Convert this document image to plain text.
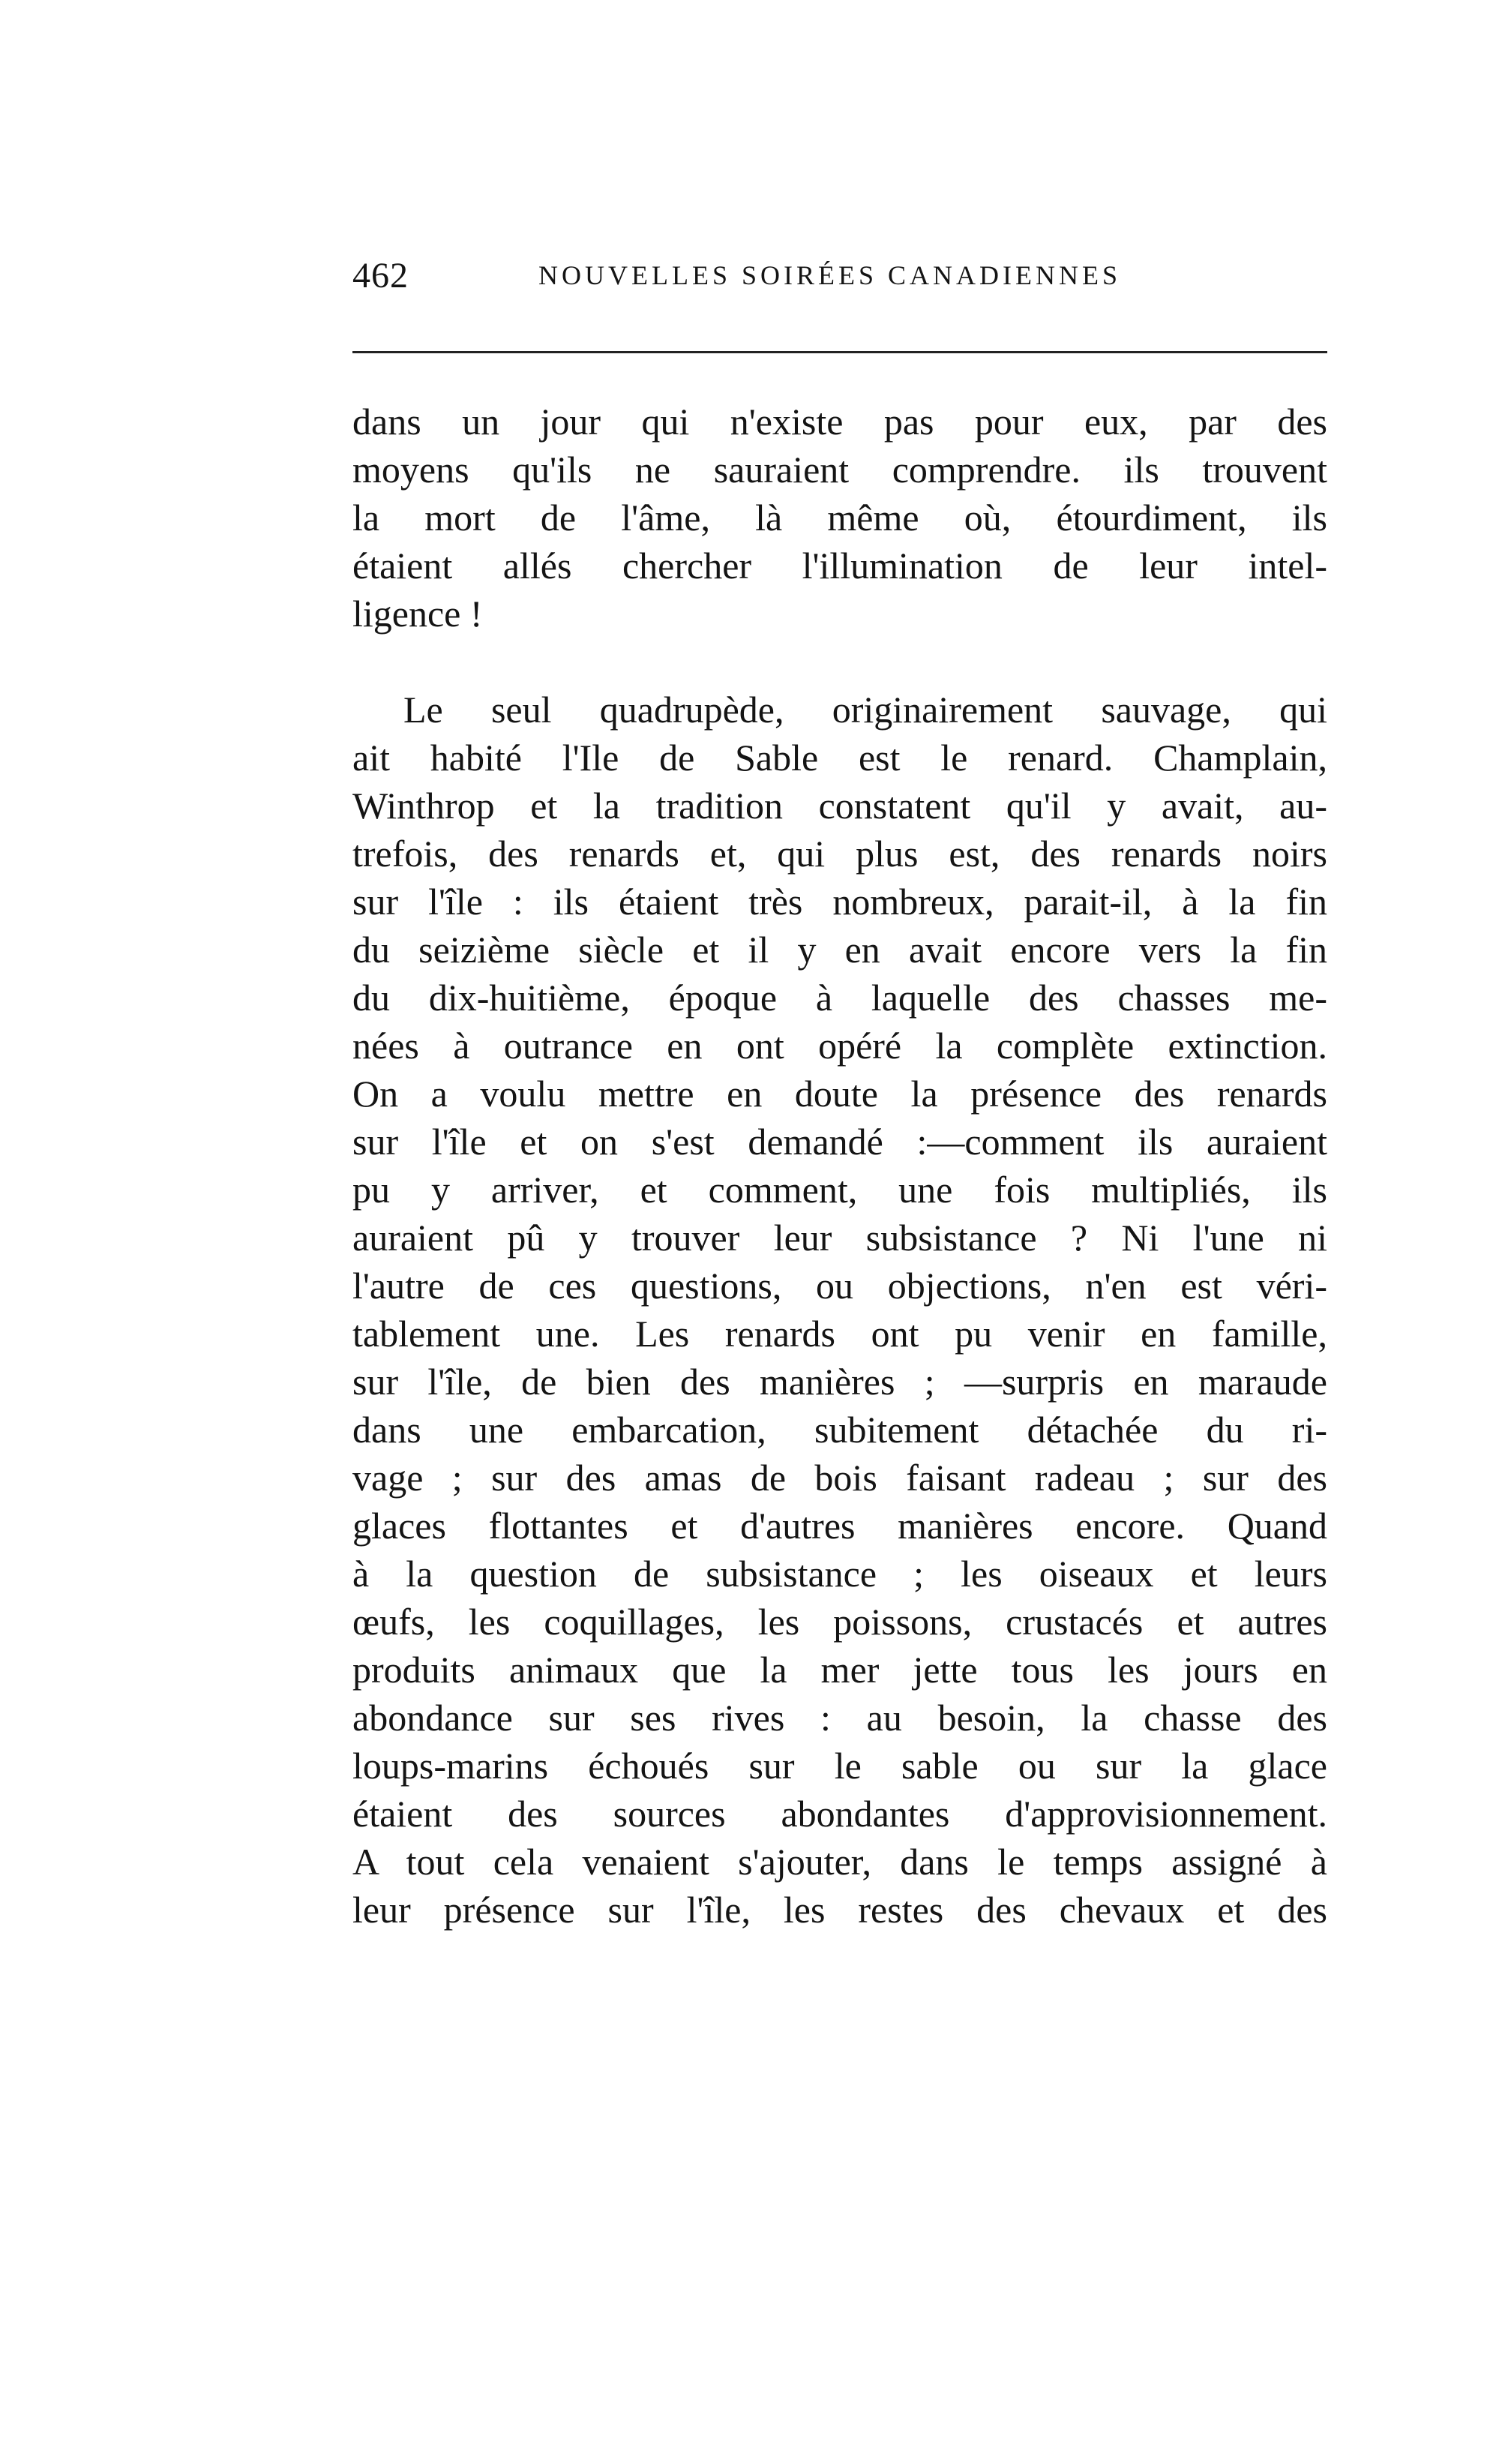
462	NOUVELLES SOIRÉES CANADIENNES
dans un jour qui n'existe pas pour eux, par des
moyens qu'ils ne sauraient comprendre. ils trouvent
la mort de l'âme, là même où, étourdiment, ils
étaient allés chercher l'illumination de leur intel-
ligence !
Le seul quadrupède, originairement sauvage, qui
ait habité l'Ile de Sable est le renard. Champlain,
Winthrop et la tradition constatent qu'il y avait, au-
trefois, des renards et, qui plus est, des renards noirs
sur l'île : ils étaient très nombreux, parait-il, à la fin
du seizième siècle et il y en avait encore vers la fin
du dix-huitième, époque à laquelle des chasses me-
nées à outrance en ont opéré la complète extinction.
On a voulu mettre en doute la présence des renards
sur l'île et on s'est demandé :—comment ils auraient
pu y arriver, et comment, une fois multipliés, ils
auraient pû y trouver leur subsistance ? Ni l'une ni
l'autre de ces questions, ou objections, n'en est véri-
tablement une. Les renards ont pu venir en famille,
sur l'île, de bien des manières ; —surpris en maraude
dans une embarcation, subitement détachée du ri-
vage ; sur des amas de bois faisant radeau ; sur des
glaces flottantes et d'autres manières encore. Quand
à la question de subsistance ; les oiseaux et leurs
œufs, les coquillages, les poissons, crustacés et autres
produits animaux que la mer jette tous les jours en
abondance sur ses rives : au besoin, la chasse des
loups-marins échoués sur le sable ou sur la glace
étaient des sources abondantes d'approvisionnement.
A tout cela venaient s'ajouter, dans le temps assigné à
leur présence sur l'île, les restes des chevaux et des
